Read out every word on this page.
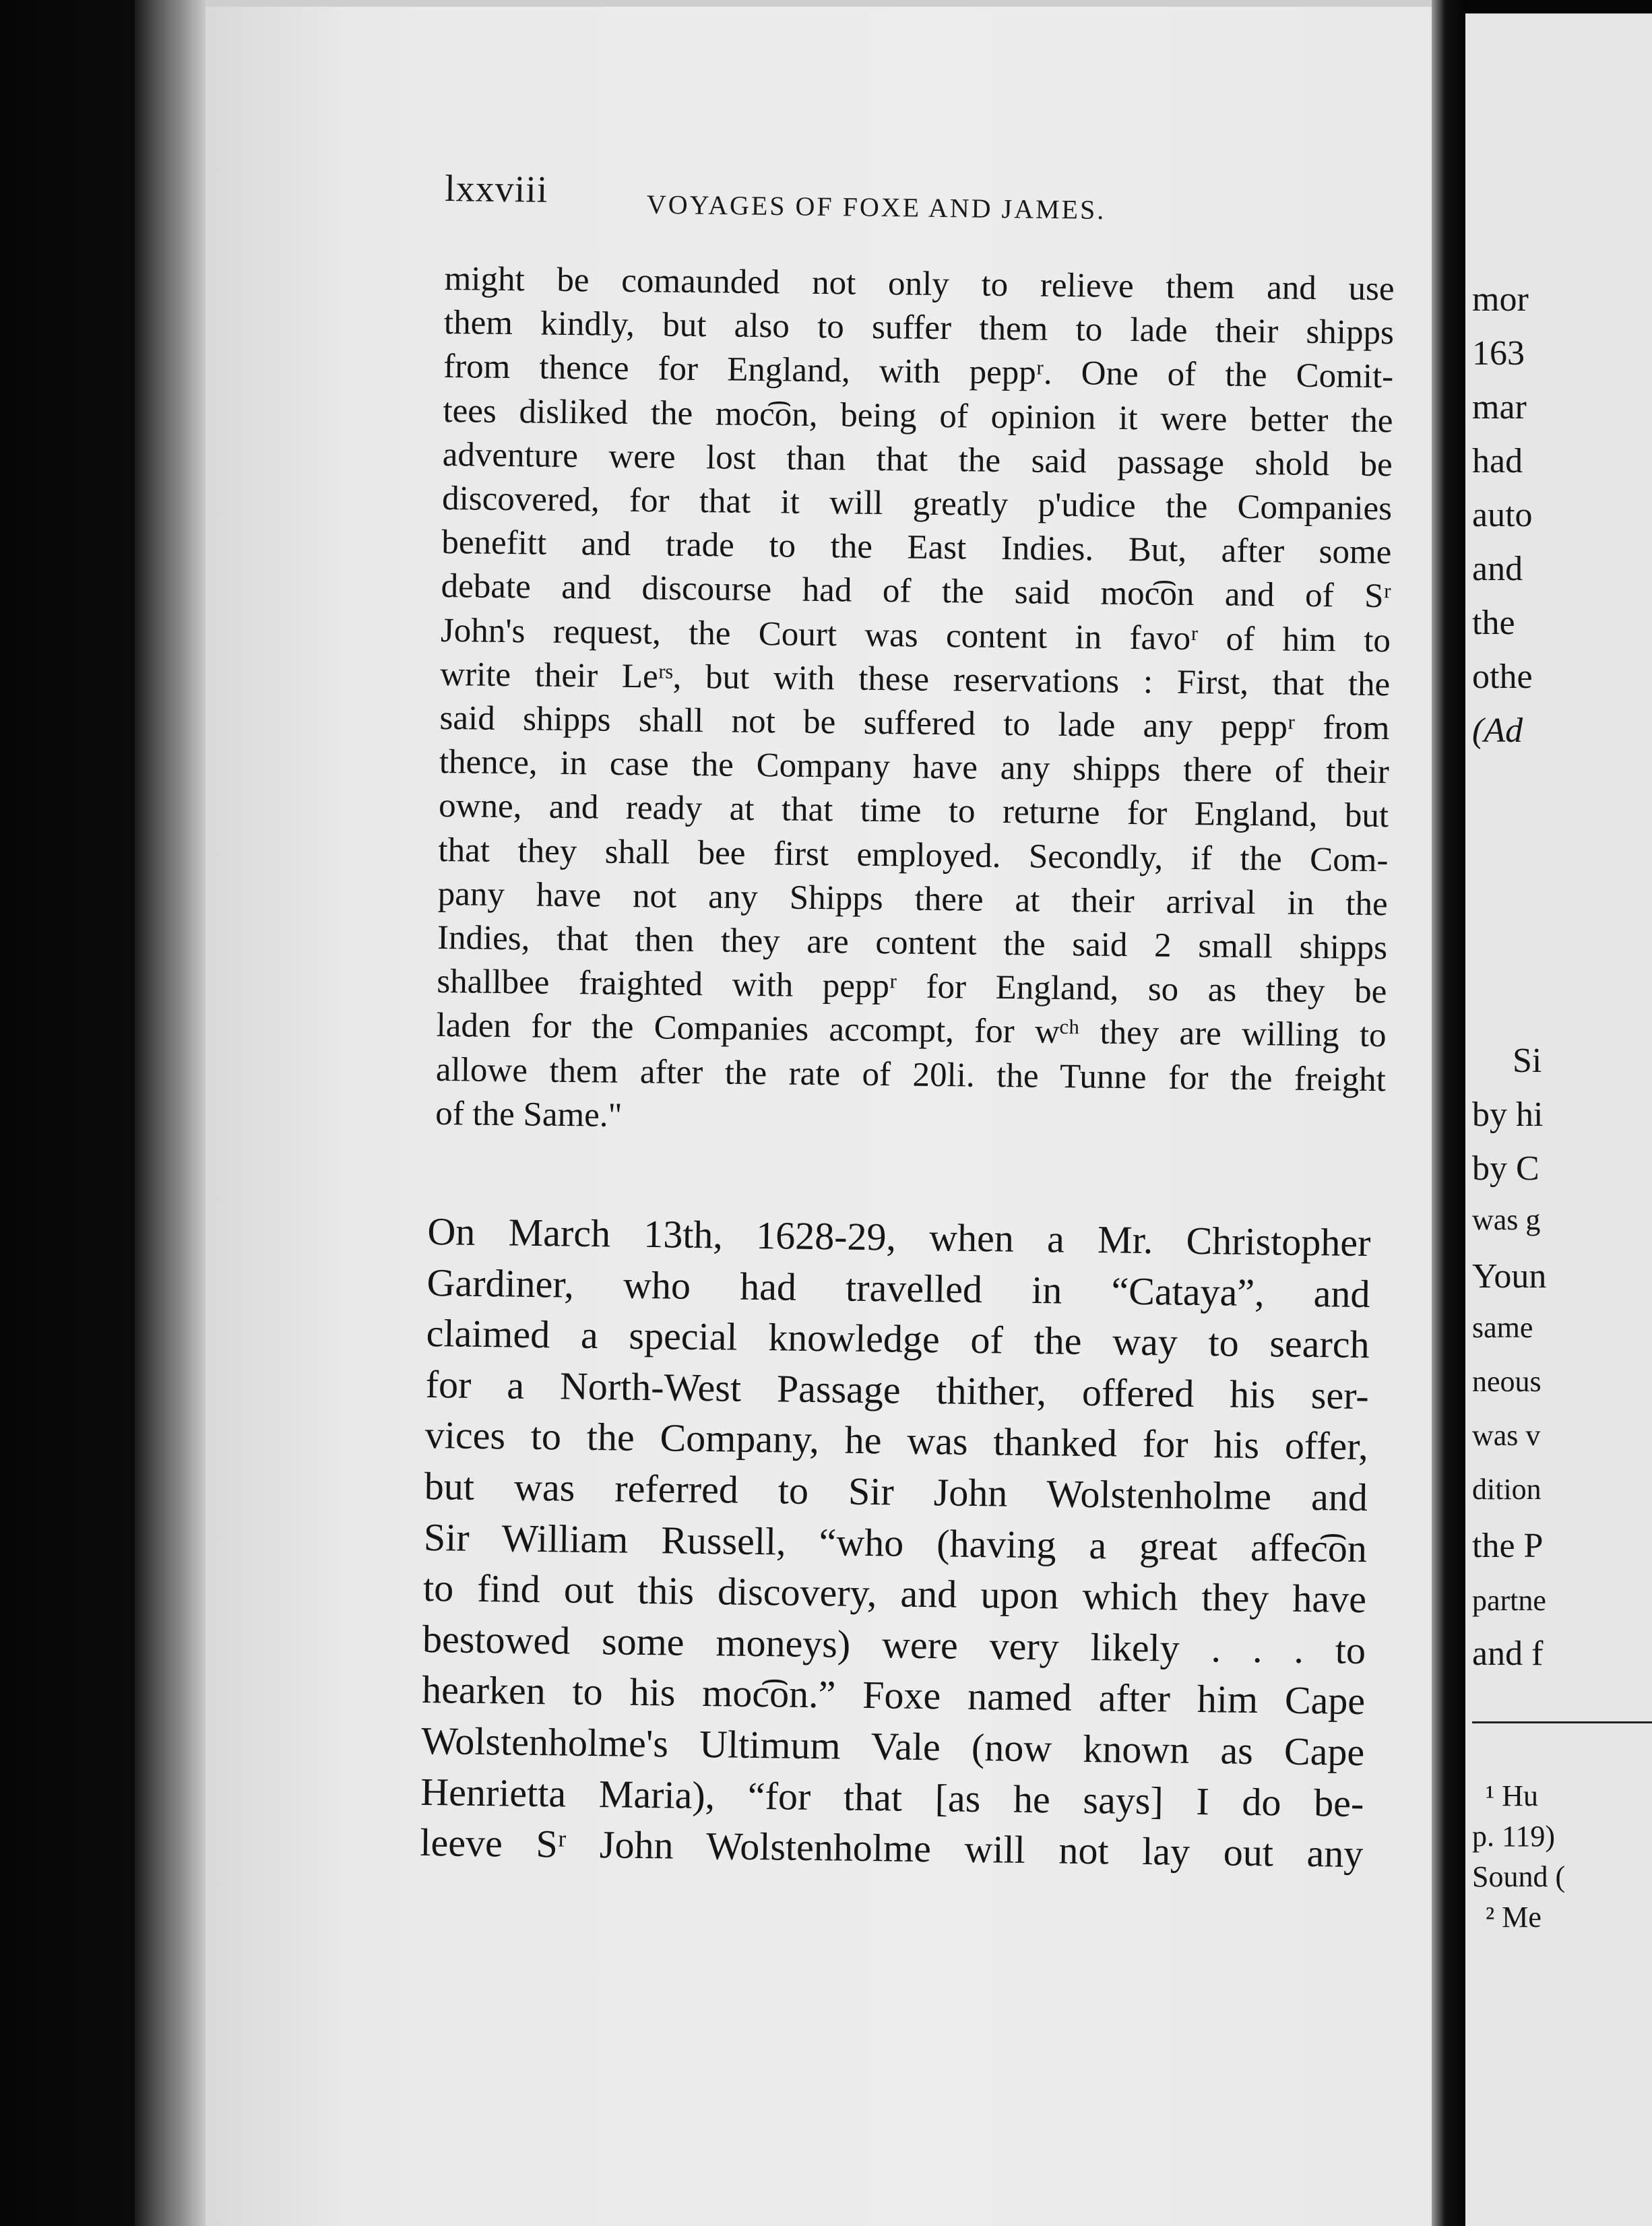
lxxviii	VOYAGES OF FOXE AND JAMES.
might be comaunded not only to relieve them and use
them kindly, but also to suffer them to lade their shipps
from thence for England, with peppʳ. One of the Comit-
tees disliked the moc͡on, being of opinion it were better the
adventure were lost than that the said passage shold be
discovered, for that it will greatly p'udice the Companies
benefitt and trade to the East Indies. But, after some
debate and discourse had of the said moc͡on and of Sʳ
John's request, the Court was content in favoʳ of him to
write their Leʳˢ, but with these reservations : First, that the
said shipps shall not be suffered to lade any peppʳ from
thence, in case the Company have any shipps there of their
owne, and ready at that time to returne for England, but
that they shall bee first employed. Secondly, if the Com-
pany have not any Shipps there at their arrival in the
Indies, that then they are content the said 2 small shipps
shallbee fraighted with peppʳ for England, so as they be
laden for the Companies accompt, for wᶜʰ they are willing to
allowe them after the rate of 20li. the Tunne for the freight
of the Same."
On March 13th, 1628-29, when a Mr. Christopher
Gardiner, who had travelled in “Cataya”, and
claimed a special knowledge of the way to search
for a North-West Passage thither, offered his ser-
vices to the Company, he was thanked for his offer,
but was referred to Sir John Wolstenholme and
Sir William Russell, “who (having a great affec͡on
to find out this discovery, and upon which they have
bestowed some moneys) were very likely . . . to
hearken to his moc͡on.” Foxe named after him Cape
Wolstenholme's Ultimum Vale (now known as Cape
Henrietta Maria), “for that [as he says] I do be-
leeve Sʳ John Wolstenholme will not lay out any
mor
163
mar
had
auto
and
the
othe
(Ad
Si
by hi
by C
was g
Youn
same
neous
was v
dition
the P
partne
and f
¹ Hu
p. 119)
Sound (
² Me
